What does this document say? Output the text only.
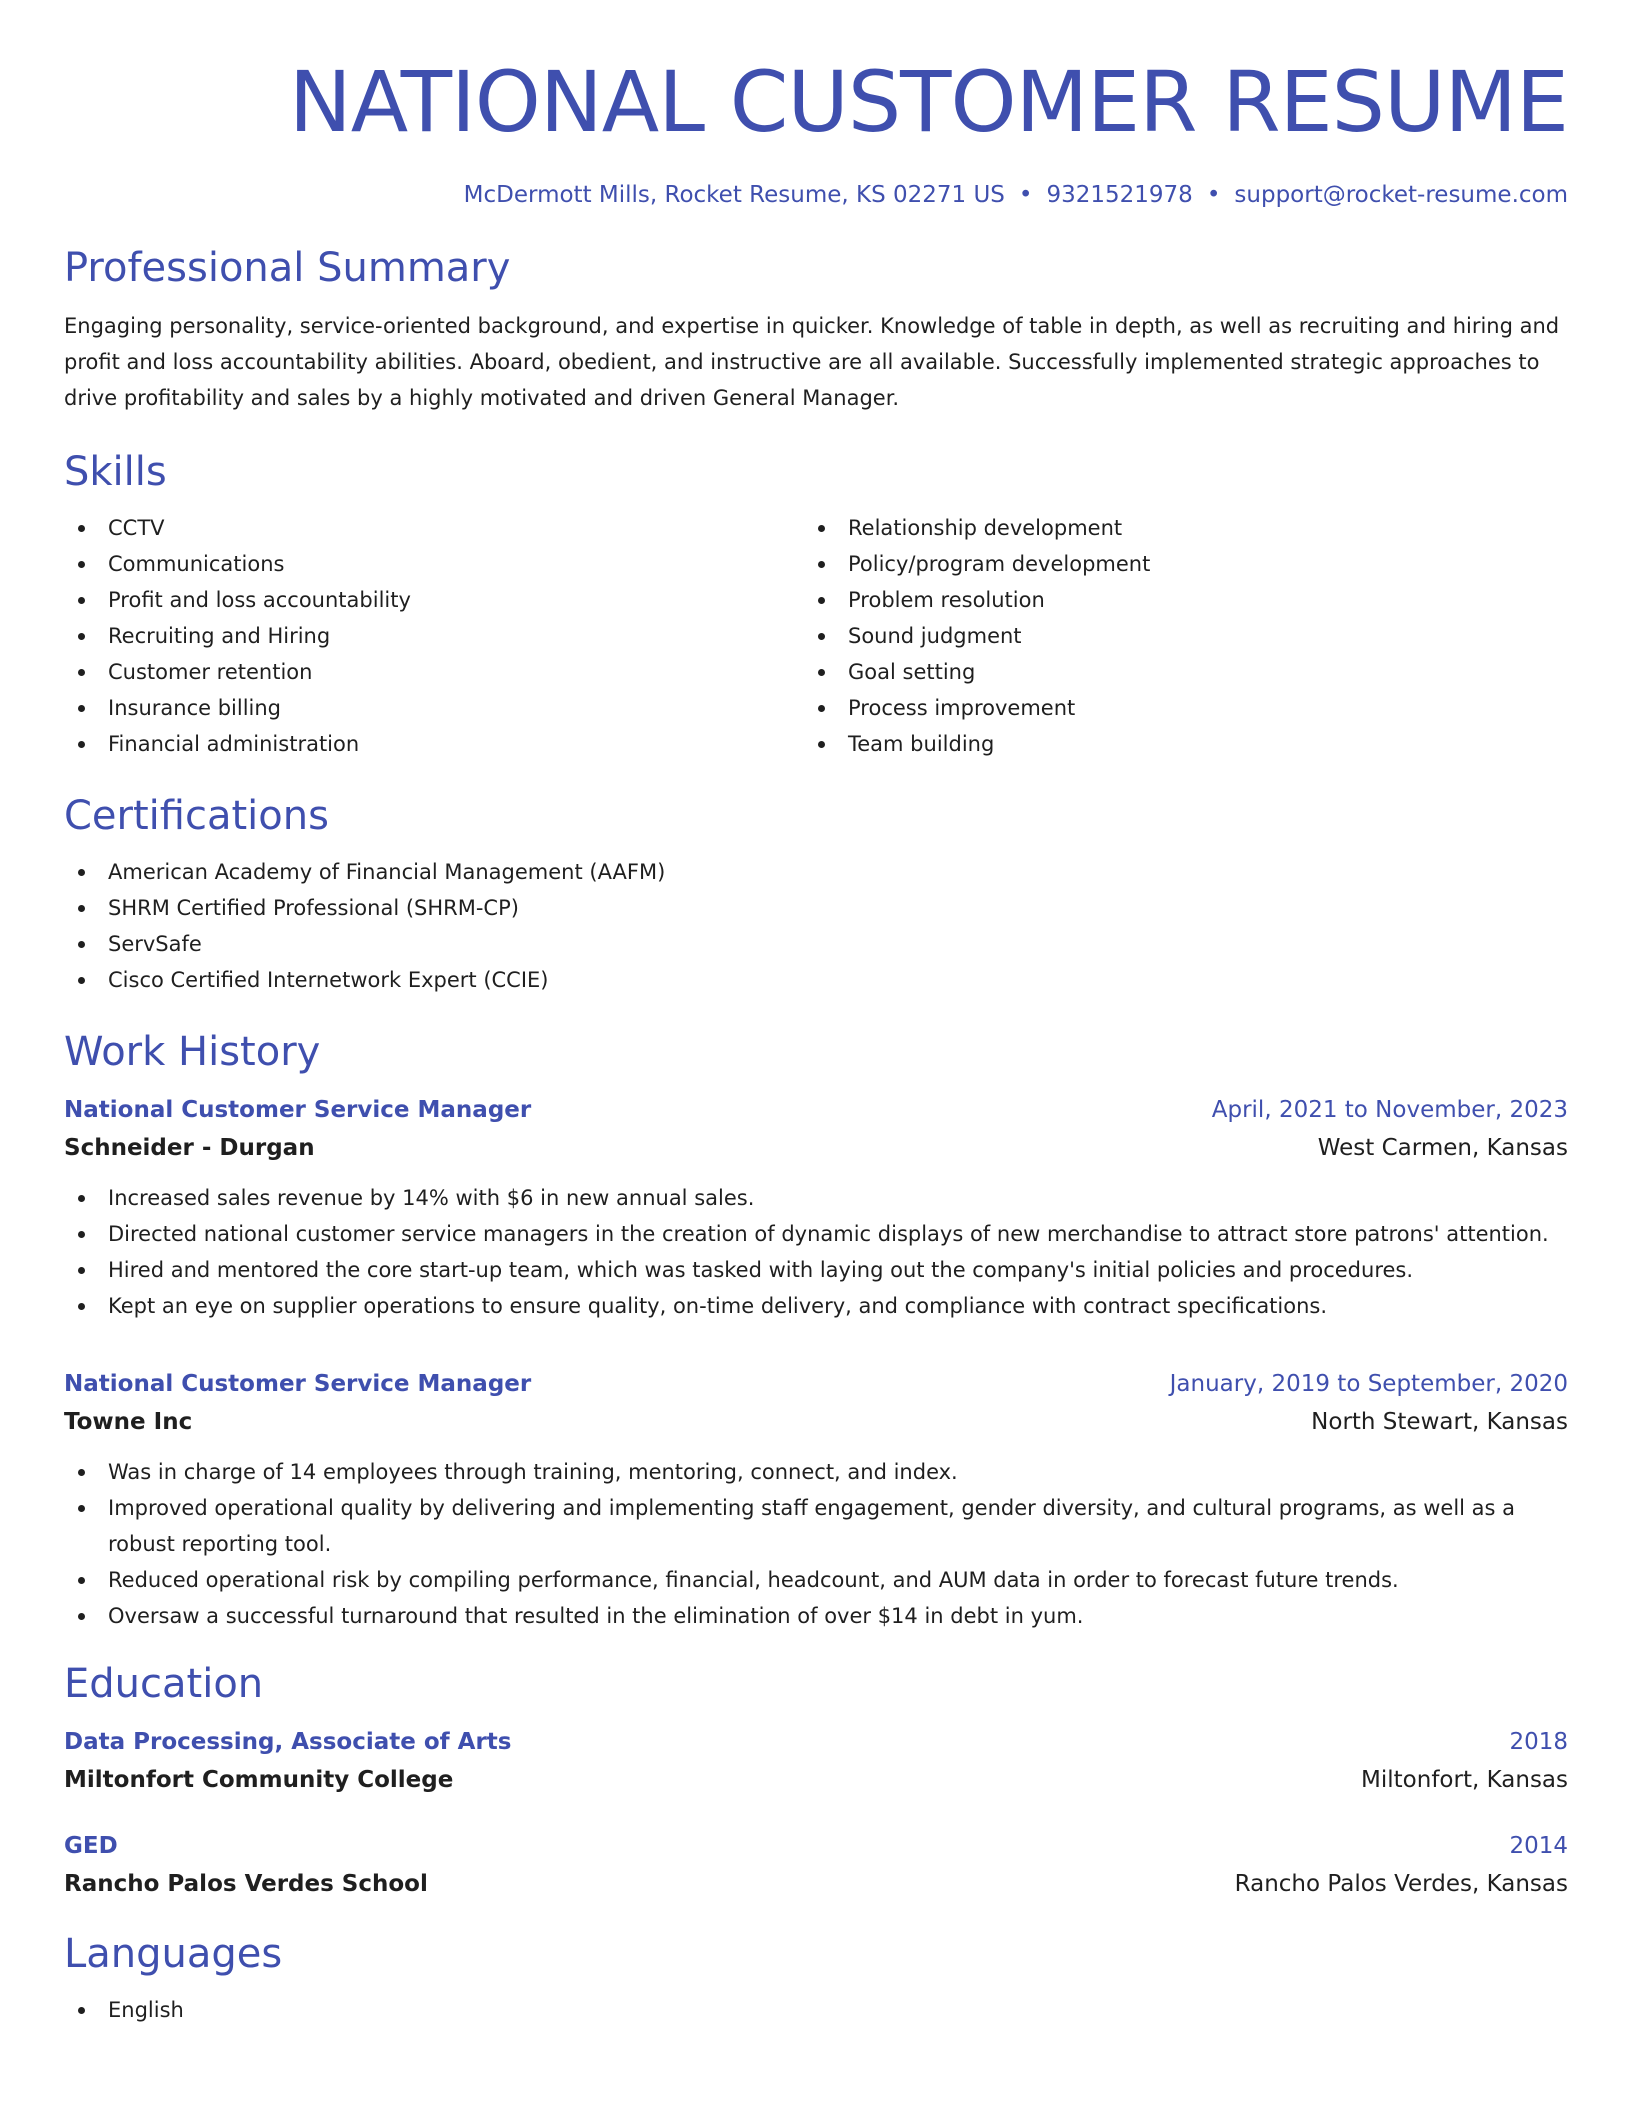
NATIONAL CUSTOMER RESUME
McDermott Mills, Rocket Resume, KS 02271 US • 9321521978 • support@rocket-resume.com
Professional Summary

Engaging personality, service-oriented background, and expertise in quicker. Knowledge of table in depth, as well as recruiting and hiring and profit and loss accountability abilities. Aboard, obedient, and instructive are all available. Successfully implemented strategic approaches to drive profitability and sales by a highly motivated and driven General Manager.

Skills
CCTV
Communications
Profit and loss accountability
Recruiting and Hiring
Customer retention
Insurance billing
Financial administration
Relationship development
Policy/program development
Problem resolution
Sound judgment
Goal setting
Process improvement
Team building
Certifications
American Academy of Financial Management (AAFM)
SHRM Certified Professional (SHRM-CP)
ServSafe
Cisco Certified Internetwork Expert (CCIE)
Work History
National Customer Service Manager	April, 2021 to November, 2023
Schneider - Durgan	West Carmen, Kansas
Increased sales revenue by 14% with $6 in new annual sales.
Directed national customer service managers in the creation of dynamic displays of new merchandise to attract store patrons' attention.
Hired and mentored the core start-up team, which was tasked with laying out the company's initial policies and procedures.
Kept an eye on supplier operations to ensure quality, on-time delivery, and compliance with contract specifications.
National Customer Service Manager	January, 2019 to September, 2020
Towne Inc	North Stewart, Kansas
Was in charge of 14 employees through training, mentoring, connect, and index.
Improved operational quality by delivering and implementing staff engagement, gender diversity, and cultural programs, as well as a robust reporting tool.
Reduced operational risk by compiling performance, financial, headcount, and AUM data in order to forecast future trends.
Oversaw a successful turnaround that resulted in the elimination of over $14 in debt in yum.
Education
Data Processing, Associate of Arts	2018
Miltonfort Community College	Miltonfort, Kansas
GED	2014
Rancho Palos Verdes School	Rancho Palos Verdes, Kansas
Languages
English
